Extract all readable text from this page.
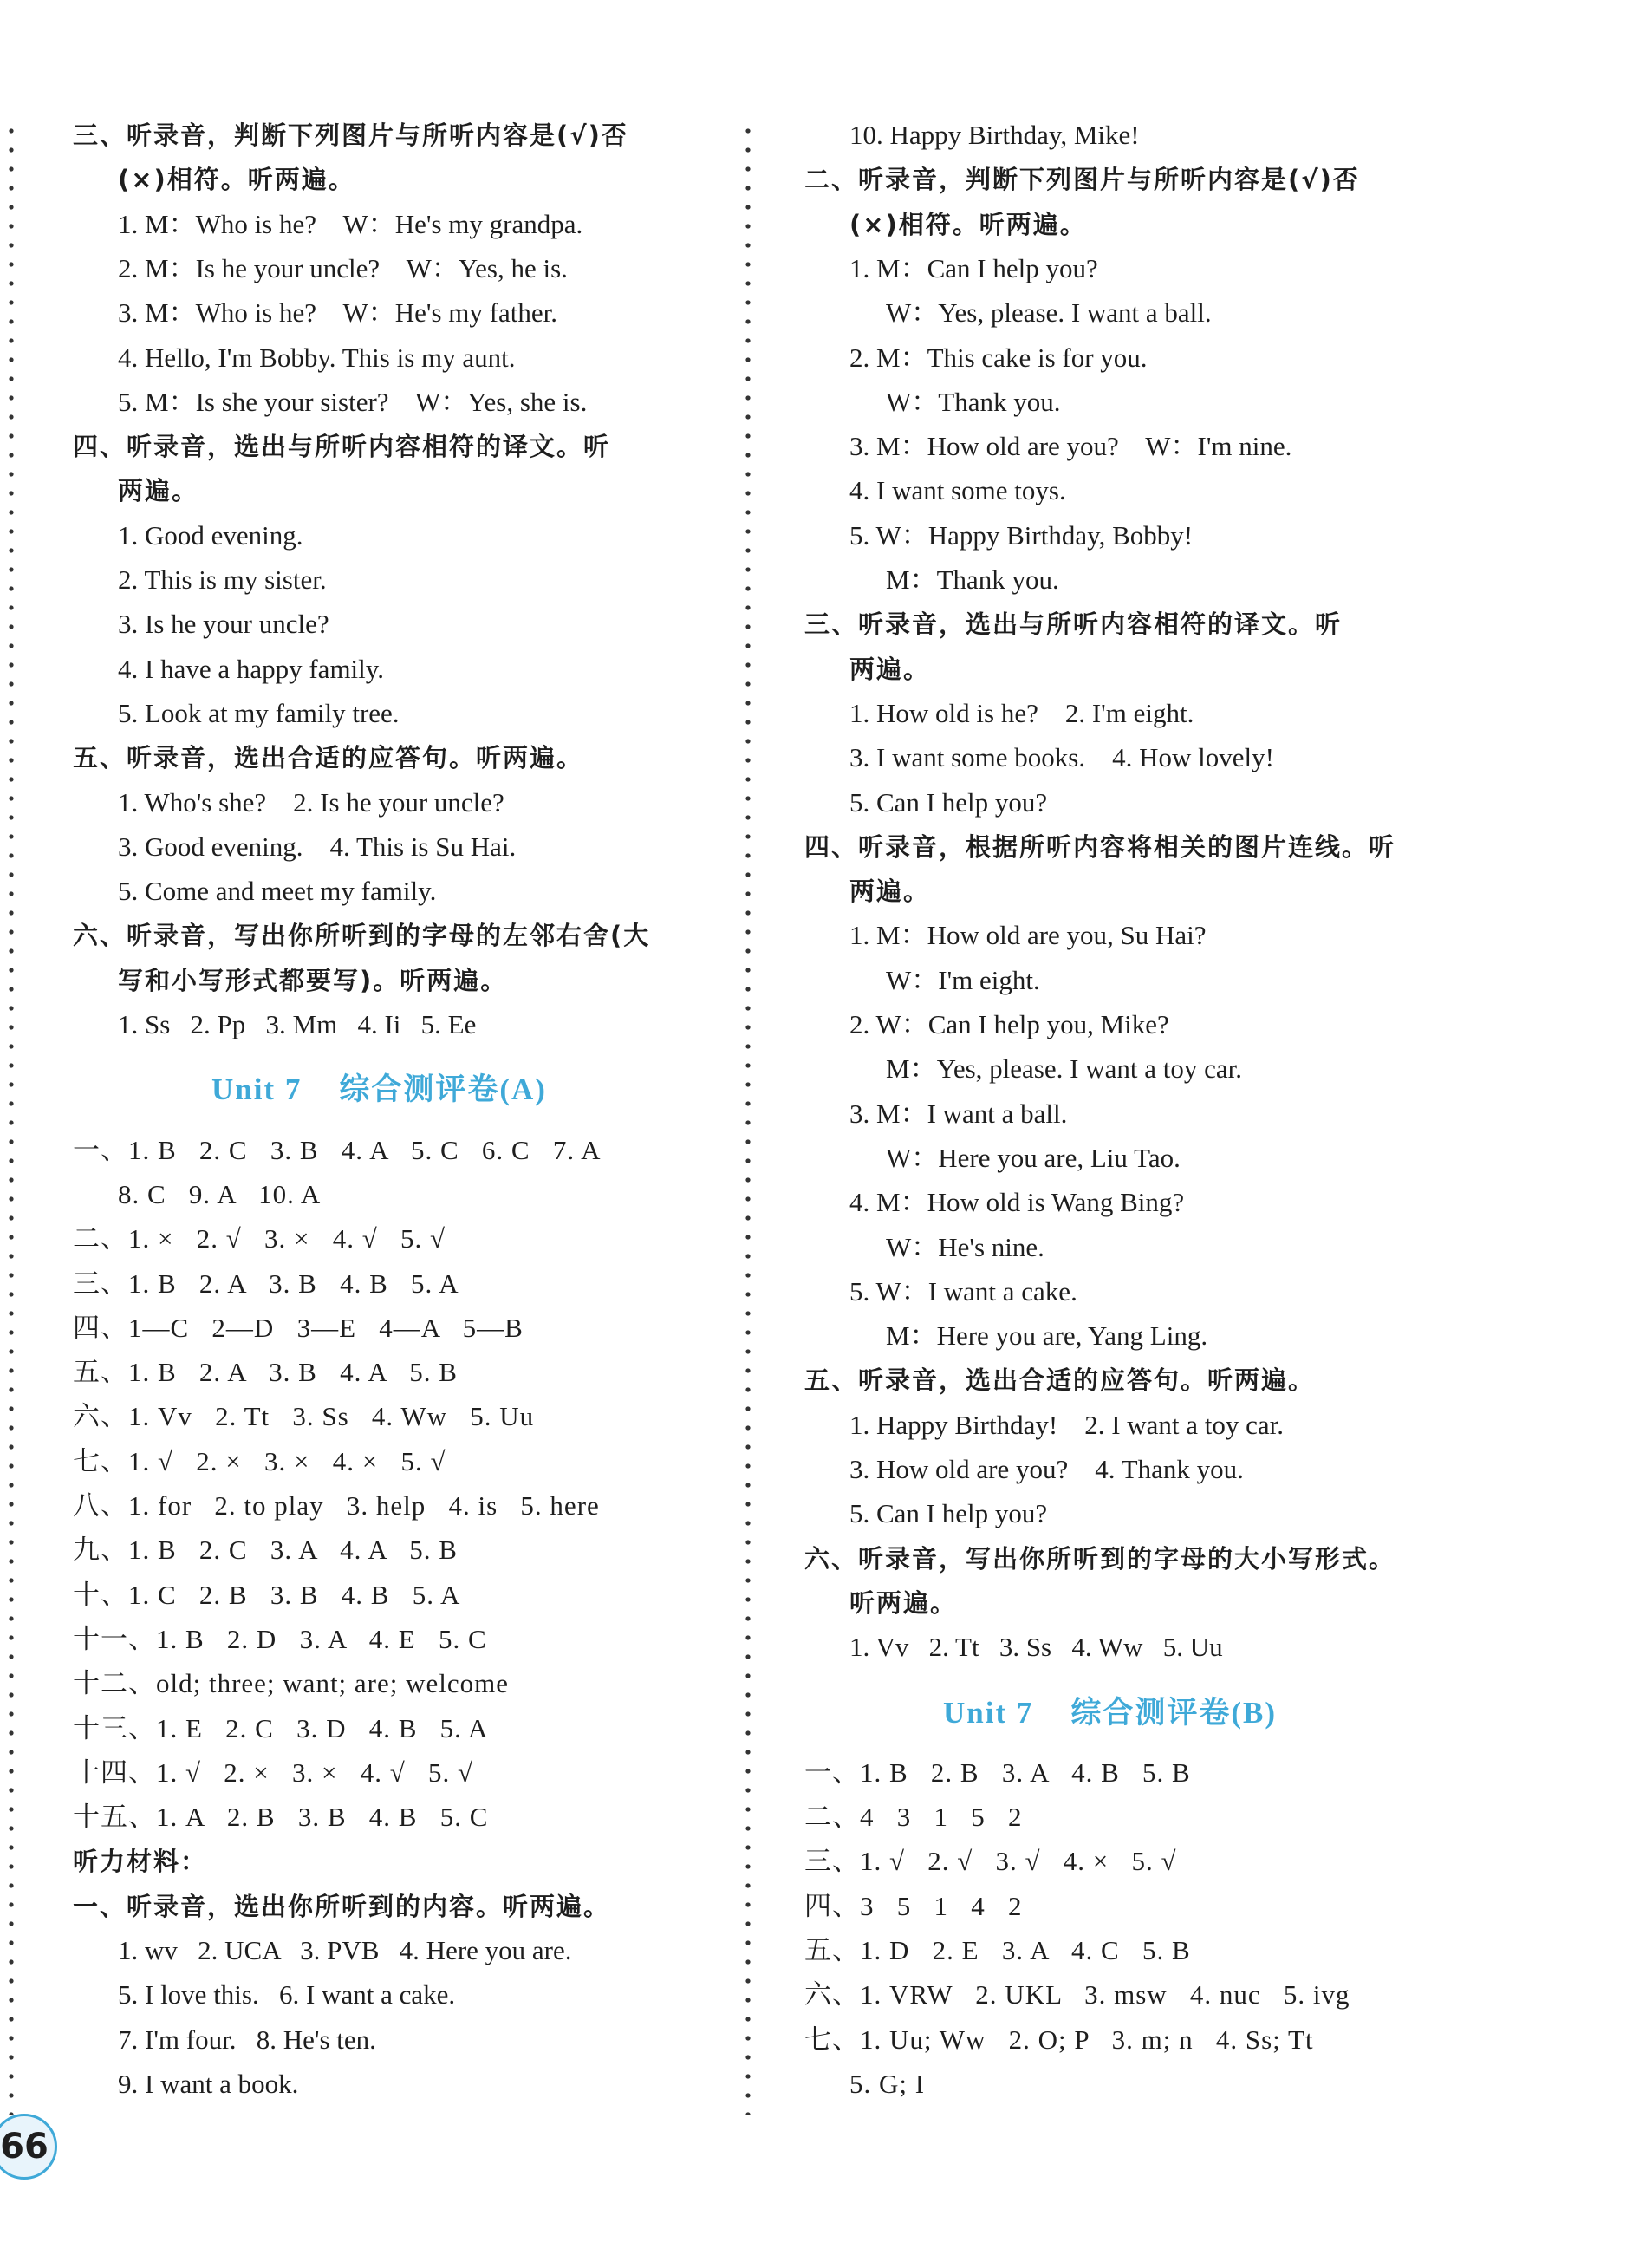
三、听录音，判断下列图片与所听内容是(√)否
(×)相符。听两遍。
1. M：Who is he?    W：He's my grandpa.
2. M：Is he your uncle?    W：Yes, he is.
3. M：Who is he?    W：He's my father.
4. Hello, I'm Bobby. This is my aunt.
5. M：Is she your sister?    W：Yes, she is.
四、听录音，选出与所听内容相符的译文。听
两遍。
1. Good evening.
2. This is my sister.
3. Is he your uncle?
4. I have a happy family.
5. Look at my family tree.
五、听录音，选出合适的应答句。听两遍。
1. Who's she?    2. Is he your uncle?
3. Good evening.    4. This is Su Hai.
5. Come and meet my family.
六、听录音，写出你所听到的字母的左邻右舍(大
写和小写形式都要写)。听两遍。
1. Ss   2. Pp   3. Mm   4. Ii   5. Ee
Unit 7    综合测评卷(A)
一、1. B   2. C   3. B   4. A   5. C   6. C   7. A
8. C   9. A   10. A
二、1. ×   2. √   3. ×   4. √   5. √
三、1. B   2. A   3. B   4. B   5. A
四、1—C   2—D   3—E   4—A   5—B
五、1. B   2. A   3. B   4. A   5. B
六、1. Vv   2. Tt   3. Ss   4. Ww   5. Uu
七、1. √   2. ×   3. ×   4. ×   5. √
八、1. for   2. to play   3. help   4. is   5. here
九、1. B   2. C   3. A   4. A   5. B
十、1. C   2. B   3. B   4. B   5. A
十一、1. B   2. D   3. A   4. E   5. C
十二、old; three; want; are; welcome
十三、1. E   2. C   3. D   4. B   5. A
十四、1. √   2. ×   3. ×   4. √   5. √
十五、1. A   2. B   3. B   4. B   5. C
听力材料：
一、听录音，选出你所听到的内容。听两遍。
1. wv   2. UCA   3. PVB   4. Here you are.
5. I love this.   6. I want a cake.
7. I'm four.   8. He's ten.
9. I want a book.
10. Happy Birthday, Mike!
二、听录音，判断下列图片与所听内容是(√)否
(×)相符。听两遍。
1. M：Can I help you?
W：Yes, please. I want a ball.
2. M：This cake is for you.
W：Thank you.
3. M：How old are you?    W：I'm nine.
4. I want some toys.
5. W：Happy Birthday, Bobby!
M：Thank you.
三、听录音，选出与所听内容相符的译文。听
两遍。
1. How old is he?    2. I'm eight.
3. I want some books.    4. How lovely!
5. Can I help you?
四、听录音，根据所听内容将相关的图片连线。听
两遍。
1. M：How old are you, Su Hai?
W：I'm eight.
2. W：Can I help you, Mike?
M：Yes, please. I want a toy car.
3. M：I want a ball.
W：Here you are, Liu Tao.
4. M：How old is Wang Bing?
W：He's nine.
5. W：I want a cake.
M：Here you are, Yang Ling.
五、听录音，选出合适的应答句。听两遍。
1. Happy Birthday!    2. I want a toy car.
3. How old are you?    4. Thank you.
5. Can I help you?
六、听录音，写出你所听到的字母的大小写形式。
听两遍。
1. Vv   2. Tt   3. Ss   4. Ww   5. Uu
Unit 7    综合测评卷(B)
一、1. B   2. B   3. A   4. B   5. B
二、4   3   1   5   2
三、1. √   2. √   3. √   4. ×   5. √
四、3   5   1   4   2
五、1. D   2. E   3. A   4. C   5. B
六、1. VRW   2. UKL   3. msw   4. nuc   5. ivg
七、1. Uu; Ww   2. O; P   3. m; n   4. Ss; Tt
5. G; I
66
